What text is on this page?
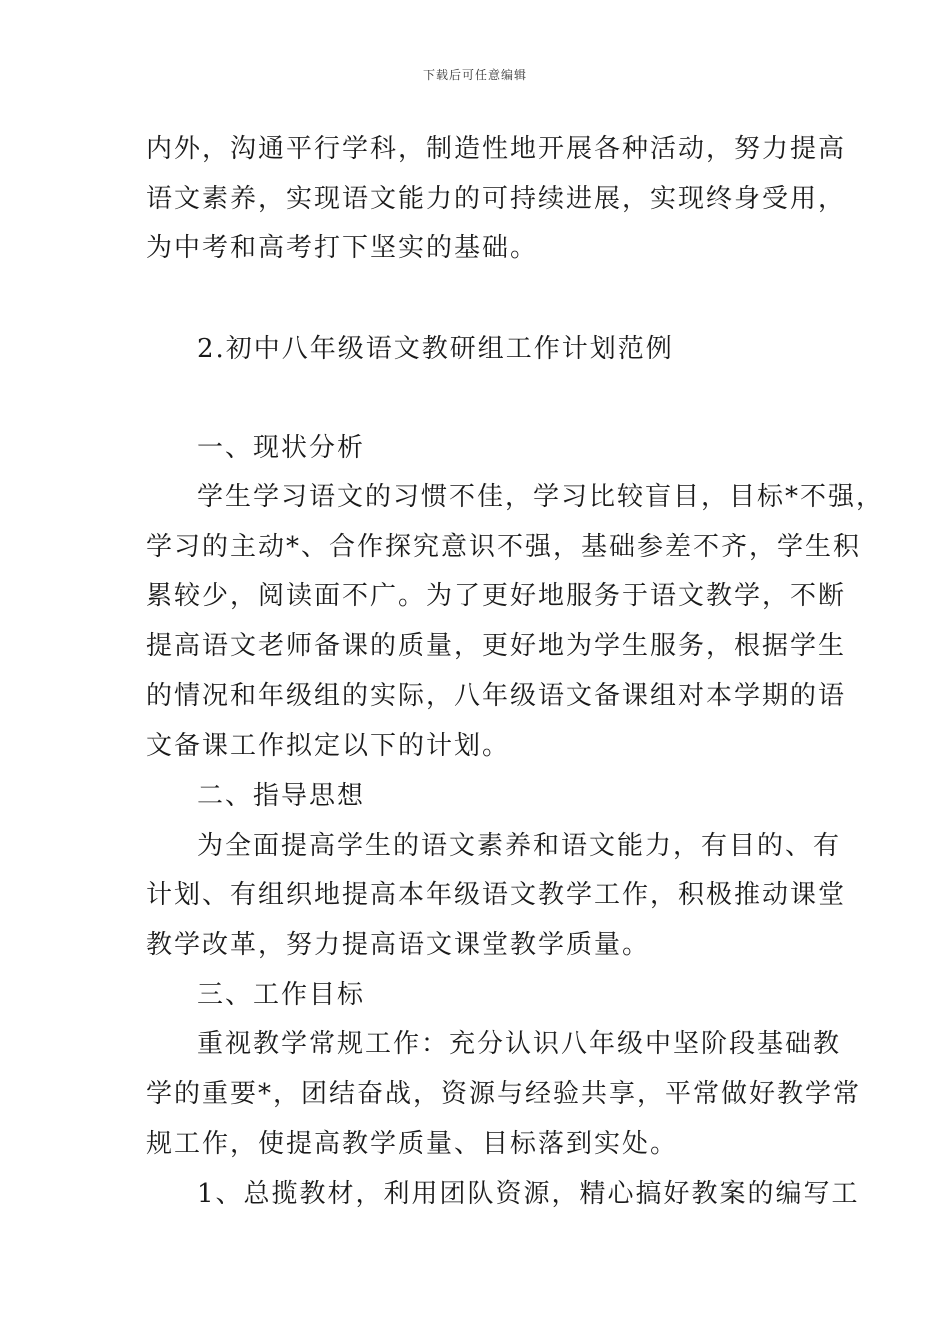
下载后可任意编辑
内外，沟通平行学科，制造性地开展各种活动，努力提高
语文素养，实现语文能力的可持续进展，实现终身受用，
为中考和高考打下坚实的基础。
2.初中八年级语文教研组工作计划范例
一、现状分析
学生学习语文的习惯不佳，学习比较盲目，目标*不强，
学习的主动*、合作探究意识不强，基础参差不齐，学生积
累较少，阅读面不广。为了更好地服务于语文教学，不断
提高语文老师备课的质量，更好地为学生服务，根据学生
的情况和年级组的实际，八年级语文备课组对本学期的语
文备课工作拟定以下的计划。
二、指导思想
为全面提高学生的语文素养和语文能力，有目的、有
计划、有组织地提高本年级语文教学工作，积极推动课堂
教学改革，努力提高语文课堂教学质量。
三、工作目标
重视教学常规工作：充分认识八年级中坚阶段基础教
学的重要*，团结奋战，资源与经验共享，平常做好教学常
规工作，使提高教学质量、目标落到实处。
1、总揽教材，利用团队资源，精心搞好教案的编写工
